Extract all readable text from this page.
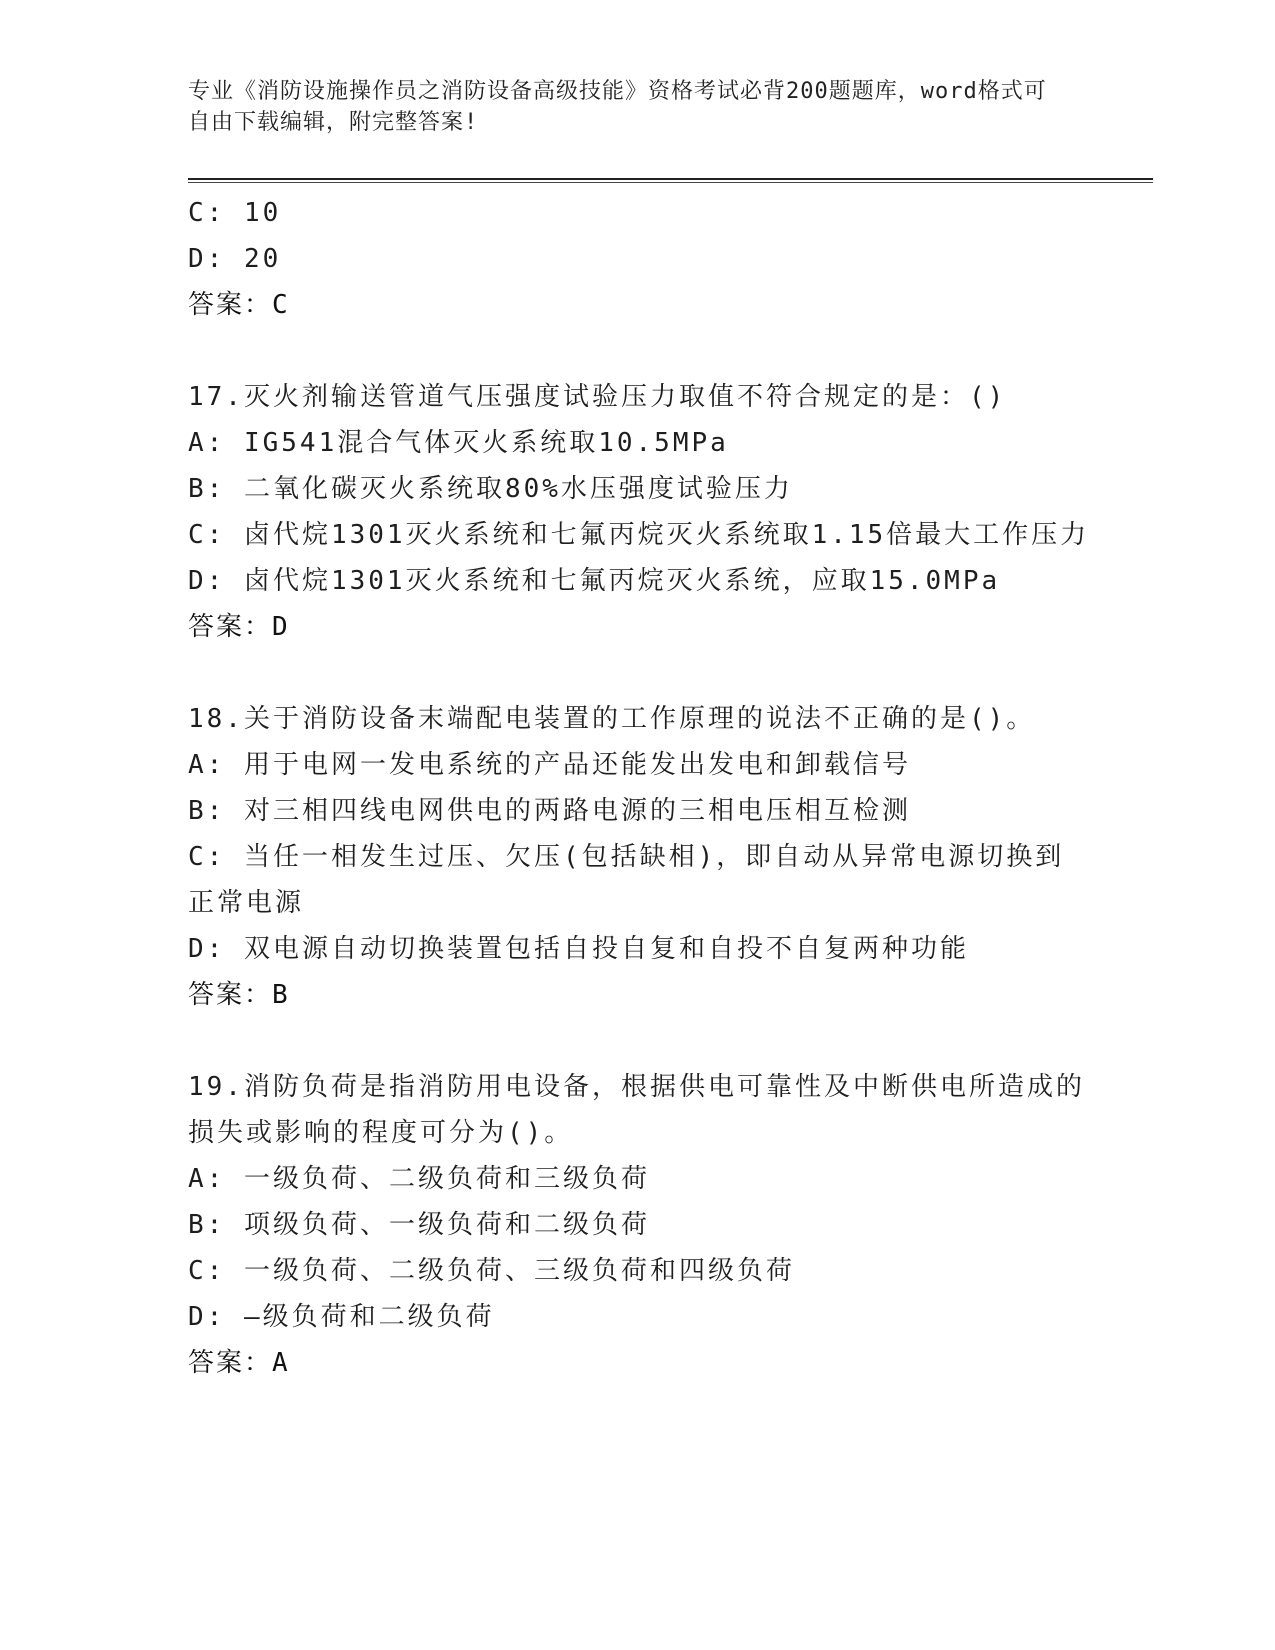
专业《消防设施操作员之消防设备高级技能》资格考试必背200题题库，word格式可自由下载编辑，附完整答案!
C: 10
D: 20
答案：C
17.灭火剂输送管道气压强度试验压力取值不符合规定的是：()
A: IG541混合气体灭火系统取10.5MPa
B: 二氧化碳灭火系统取80%水压强度试验压力
C: 卤代烷1301灭火系统和七氟丙烷灭火系统取1.15倍最大工作压力
D: 卤代烷1301灭火系统和七氟丙烷灭火系统，应取15.0MPa
答案：D
18.关于消防设备末端配电装置的工作原理的说法不正确的是()。
A: 用于电网一发电系统的产品还能发出发电和卸载信号
B: 对三相四线电网供电的两路电源的三相电压相互检测
C: 当任一相发生过压、欠压(包括缺相)，即自动从异常电源切换到正常电源
D: 双电源自动切换装置包括自投自复和自投不自复两种功能
答案：B
19.消防负荷是指消防用电设备，根据供电可靠性及中断供电所造成的损失或影响的程度可分为()。
A: 一级负荷、二级负荷和三级负荷
B: 项级负荷、一级负荷和二级负荷
C: 一级负荷、二级负荷、三级负荷和四级负荷
D: —级负荷和二级负荷
答案：A
